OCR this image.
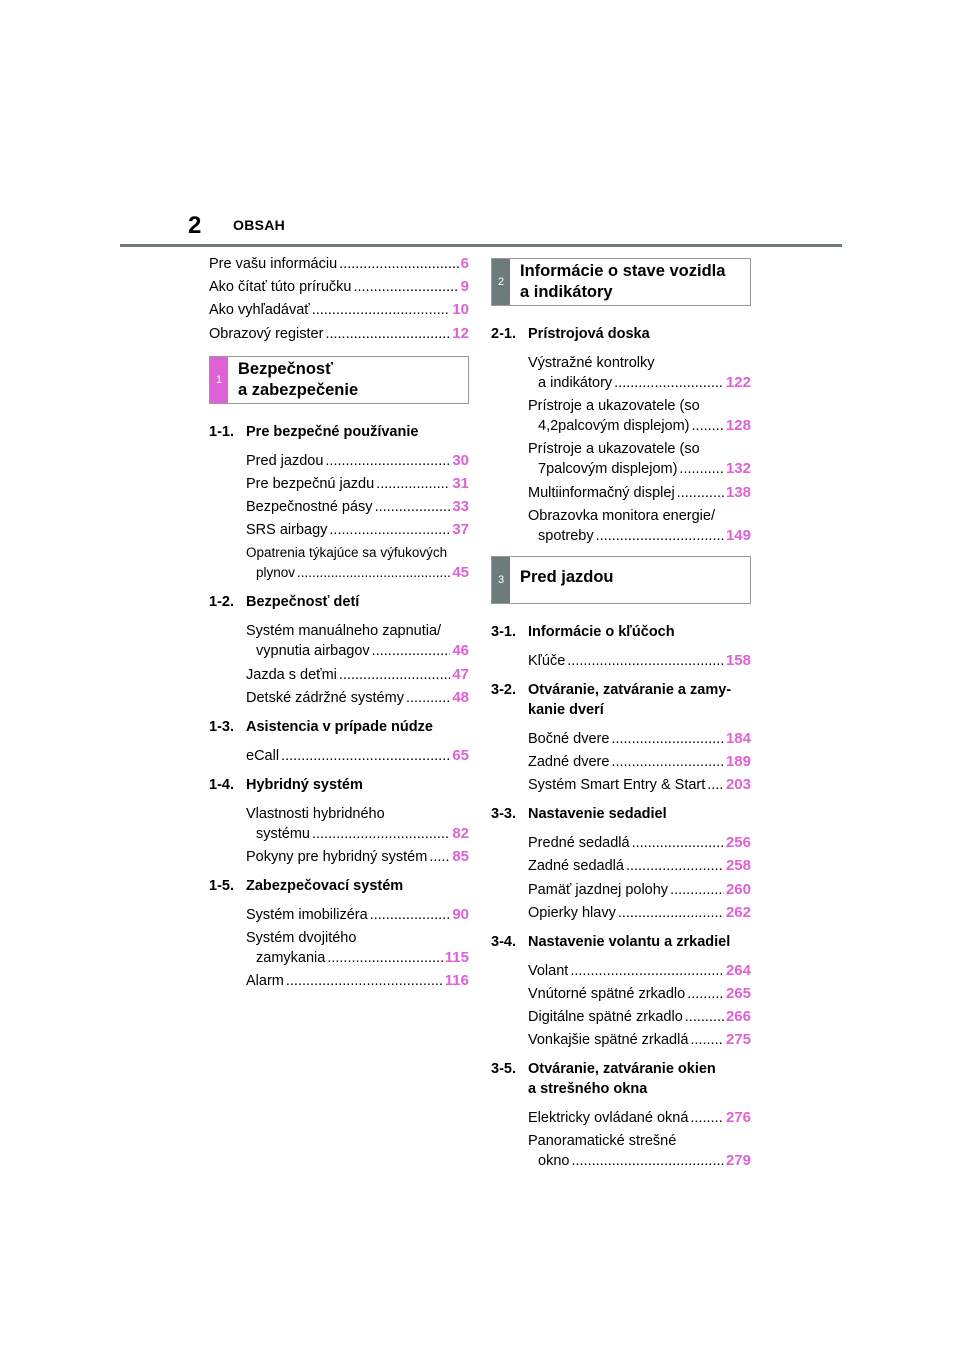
2 OBSAH
Pre vašu informáciu .....	6
Ako čítať túto príručku .....	9
Ako vyhľadávať .....	10
Obrazový register .....	12
1
Bezpečnosť
a zabezpečenie
1-1. Pre bezpečné používanie
Pred jazdou .....	30
Pre bezpečnú jazdu .....	31
Bezpečnostné pásy .....	33
SRS airbagy .....	37
Opatrenia týkajúce sa výfukových
plynov .....	45
1-2. Bezpečnosť detí
Systém manuálneho zapnutia/
vypnutia airbagov .....	46
Jazda s deťmi .....	47
Detské zádržné systémy .....	48
1-3. Asistencia v prípade núdze
eCall .....	65
1-4. Hybridný systém
Vlastnosti hybridného
systému .....	82
Pokyny pre hybridný systém ..... 85
1-5. Zabezpečovací systém
Systém imobilizéra .....	90
Systém dvojitého
zamykania .....	115
Alarm .....	116
2
Informácie o stave vozidla
a indikátory
2-1. Prístrojová doska
Výstražné kontrolky
a indikátory .....	122
Prístroje a ukazovatele (so
4,2palcovým displejom) ..... 128
Prístroje a ukazovatele (so
7palcovým displejom) .....	132
Multiinformačný displej .....	138
Obrazovka monitora energie/
spotreby .....	149
3 Pred jazdou
3-1. Informácie o kľúčoch
Kľúče .....	158
3-2. Otváranie, zatváranie a zamy-
kanie dverí
Bočné dvere .....	184
Zadné dvere .....	189
Systém Smart Entry & Start ..... 203
3-3. Nastavenie sedadiel
Predné sedadlá .....	256
Zadné sedadlá .....	258
Pamäť jazdnej polohy .....	260
Opierky hlavy .....	262
3-4. Nastavenie volantu a zrkadiel
Volant .....	264
Vnútorné spätné zrkadlo .....	265
Digitálne spätné zrkadlo .....	266
Vonkajšie spätné zrkadlá .....	275
3-5. Otváranie, zatváranie okien
a strešného okna
Elektricky ovládané okná .....	276
Panoramatické strešné
okno .....	279
